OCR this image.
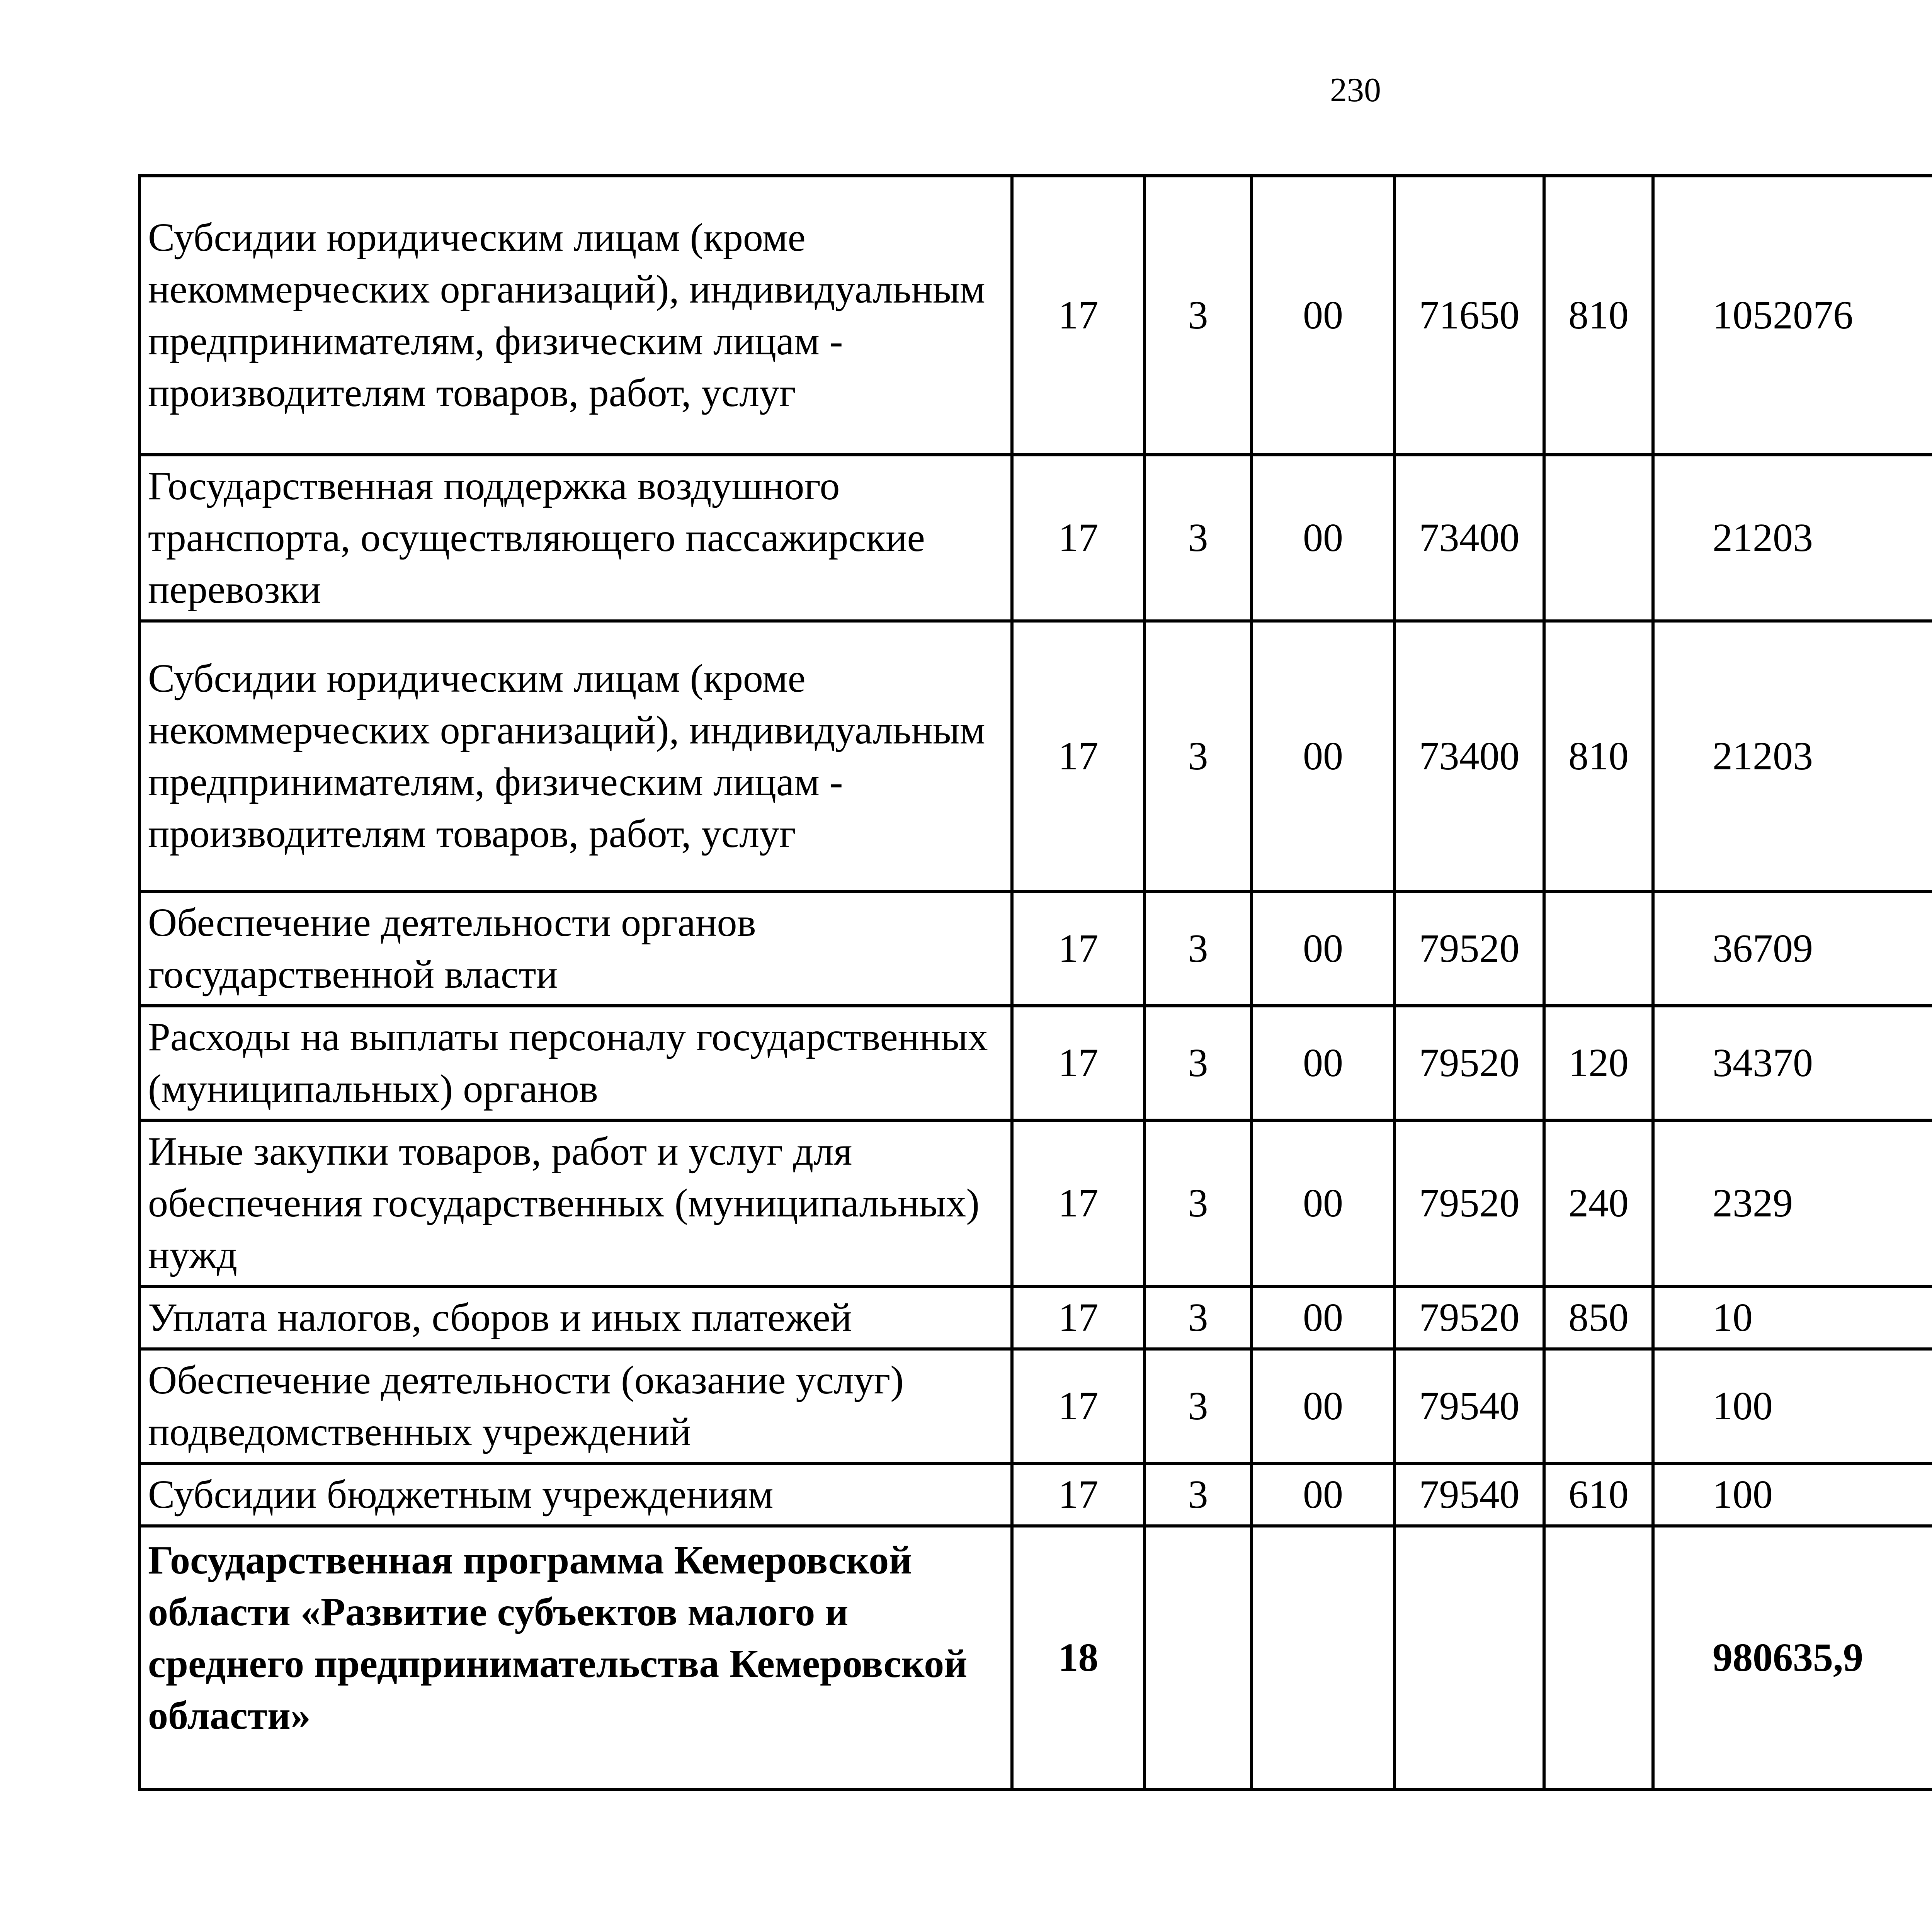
230
Субсидии юридическим лицам (кроме некоммерческих организаций), индивидуальным предпринимателям, физическим лицам - производителям товаров, работ, услуг	17	3	00	71650	810	1052076		
Государственная поддержка воздушного транспорта, осуществляющего пассажирские перевозки	17	3	00	73400		21203		
Субсидии юридическим лицам (кроме некоммерческих организаций), индивидуальным предпринимателям, физическим лицам - производителям товаров, работ, услуг	17	3	00	73400	810	21203		
Обеспечение деятельности органов государственной власти	17	3	00	79520		36709		
Расходы на выплаты персоналу государственных (муниципальных) органов	17	3	00	79520	120	34370		
Иные закупки товаров, работ и услуг для обеспечения государственных (муниципальных) нужд	17	3	00	79520	240	2329		
Уплата налогов, сборов и иных платежей	17	3	00	79520	850	10		
Обеспечение деятельности (оказание услуг) подведомственных учреждений	17	3	00	79540		100		
Субсидии бюджетным учреждениям	17	3	00	79540	610	100		
Государственная программа Кемеровской области «Развитие субъектов малого и среднего предпринимательства Кемеровской области»	18					980635,9		
